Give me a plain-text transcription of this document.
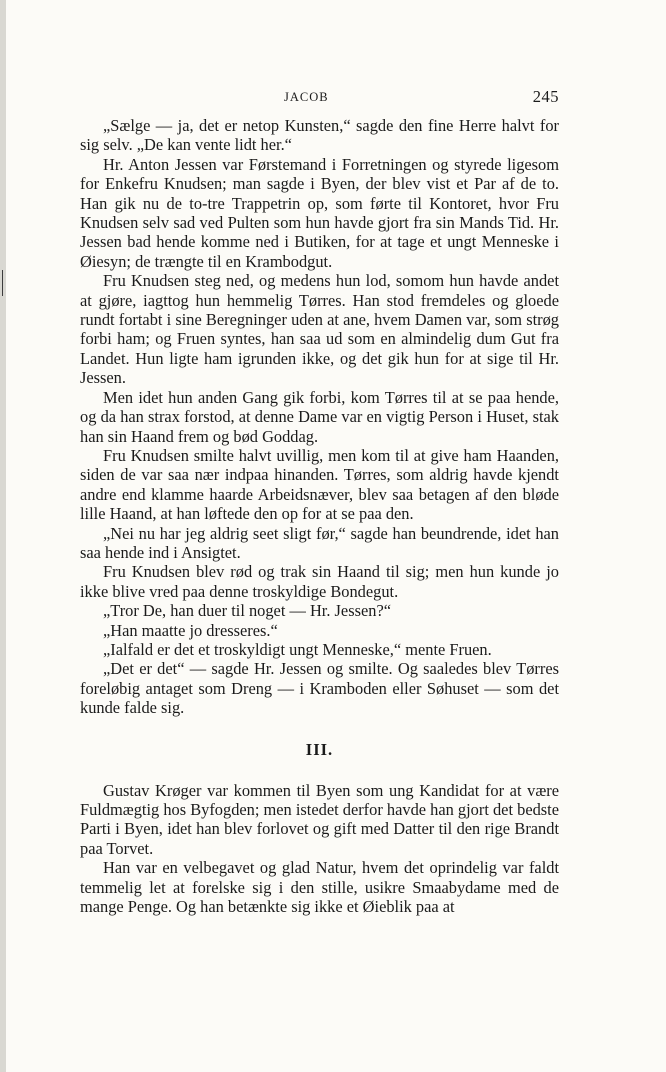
JACOB	245

„Sælge — ja, det er netop Kunsten,“ sagde den fine Herre halvt for sig selv. „De kan vente lidt her.“

Hr. Anton Jessen var Førstemand i Forretningen og styrede ligesom for Enkefru Knudsen; man sagde i Byen, der blev vist et Par af de to. Han gik nu de to-tre Trappetrin op, som førte til Kontoret, hvor Fru Knudsen selv sad ved Pulten som hun havde gjort fra sin Mands Tid. Hr. Jessen bad hende komme ned i Butiken, for at tage et ungt Menneske i Øiesyn; de trængte til en Krambodgut.

Fru Knudsen steg ned, og medens hun lod, somom hun havde andet at gjøre, iagttog hun hemmelig Tørres. Han stod fremdeles og gloede rundt fortabt i sine Beregninger uden at ane, hvem Damen var, som strøg forbi ham; og Fruen syntes, han saa ud som en almindelig dum Gut fra Landet. Hun ligte ham igrunden ikke, og det gik hun for at sige til Hr. Jessen.

Men idet hun anden Gang gik forbi, kom Tørres til at se paa hende, og da han strax forstod, at denne Dame var en vigtig Person i Huset, stak han sin Haand frem og bød Goddag.

Fru Knudsen smilte halvt uvillig, men kom til at give ham Haanden, siden de var saa nær indpaa hinanden. Tørres, som aldrig havde kjendt andre end klamme haarde Arbeidsnæver, blev saa betagen af den bløde lille Haand, at han løftede den op for at se paa den.

„Nei nu har jeg aldrig seet sligt før,“ sagde han beundrende, idet han saa hende ind i Ansigtet.

Fru Knudsen blev rød og trak sin Haand til sig; men hun kunde jo ikke blive vred paa denne troskyldige Bondegut.

„Tror De, han duer til noget — Hr. Jessen?“

„Han maatte jo dresseres.“

„Ialfald er det et troskyldigt ungt Menneske,“ mente Fruen.

„Det er det“ — sagde Hr. Jessen og smilte. Og saaledes blev Tørres foreløbig antaget som Dreng — i Kramboden eller Søhuset — som det kunde falde sig.

III.

Gustav Krøger var kommen til Byen som ung Kandidat for at være Fuldmægtig hos Byfogden; men istedet derfor havde han gjort det bedste Parti i Byen, idet han blev forlovet og gift med Datter til den rige Brandt paa Torvet.

Han var en velbegavet og glad Natur, hvem det oprindelig var faldt temmelig let at forelske sig i den stille, usikre Smaabydame med de mange Penge. Og han betænkte sig ikke et Øieblik paa at
